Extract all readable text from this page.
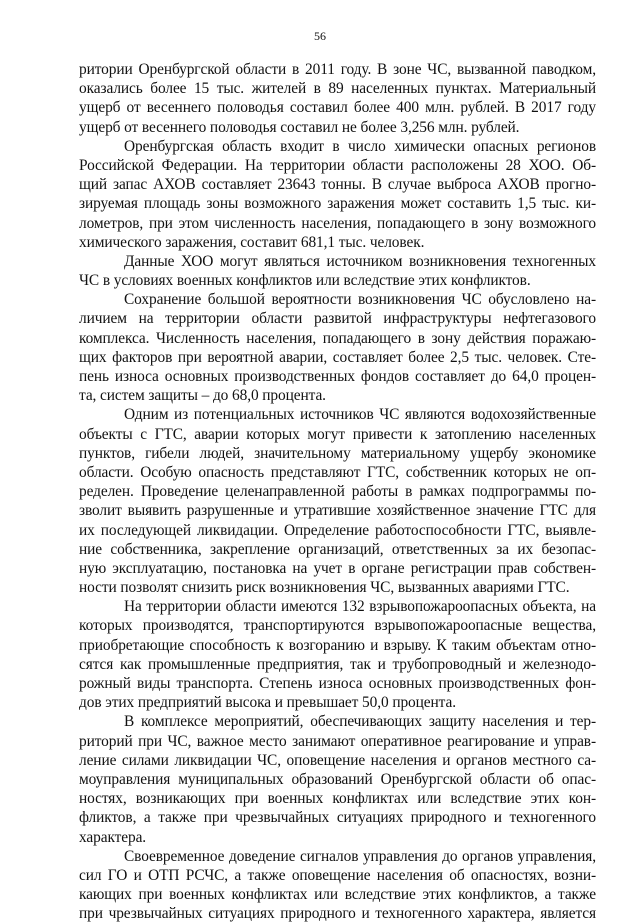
56
ритории Оренбургской области в 2011 году. В зоне ЧС, вызванной паводком,
оказались более 15 тыс. жителей в 89 населенных пунктах. Материальный
ущерб от весеннего половодья составил более 400 млн. рублей. В 2017 году
ущерб от весеннего половодья составил не более 3,256 млн. рублей.
Оренбургская область входит в число химически опасных регионов
Российской Федерации. На территории области расположены 28 ХОО. Об-
щий запас АХОВ составляет 23643 тонны. В случае выброса АХОВ прогно-
зируемая площадь зоны возможного заражения может составить 1,5 тыс. ки-
лометров, при этом численность населения, попадающего в зону возможного
химического заражения, составит 681,1 тыс. человек.
Данные ХОО могут являться источником возникновения техногенных
ЧС в условиях военных конфликтов или вследствие этих конфликтов.
Сохранение большой вероятности возникновения ЧС обусловлено на-
личием на территории области развитой инфраструктуры нефтегазового
комплекса. Численность населения, попадающего в зону действия поражаю-
щих факторов при вероятной аварии, составляет более 2,5 тыс. человек. Сте-
пень износа основных производственных фондов составляет до 64,0 процен-
та, систем защиты – до 68,0 процента.
Одним из потенциальных источников ЧС являются водохозяйственные
объекты с ГТС, аварии которых могут привести к затоплению населенных
пунктов, гибели людей, значительному материальному ущербу экономике
области. Особую опасность представляют ГТС, собственник которых не оп-
ределен. Проведение целенаправленной работы в рамках подпрограммы по-
зволит выявить разрушенные и утратившие хозяйственное значение ГТС для
их последующей ликвидации. Определение работоспособности ГТС, выявле-
ние собственника, закрепление организаций, ответственных за их безопас-
ную эксплуатацию, постановка на учет в органе регистрации прав собствен-
ности позволят снизить риск возникновения ЧС, вызванных авариями ГТС.
На территории области имеются 132 взрывопожароопасных объекта, на
которых производятся, транспортируются взрывопожароопасные вещества,
приобретающие способность к возгоранию и взрыву. К таким объектам отно-
сятся как промышленные предприятия, так и трубопроводный и железнодо-
рожный виды транспорта. Степень износа основных производственных фон-
дов этих предприятий высока и превышает 50,0 процента.
В комплексе мероприятий, обеспечивающих защиту населения и тер-
риторий при ЧС, важное место занимают оперативное реагирование и управ-
ление силами ликвидации ЧС, оповещение населения и органов местного са-
моуправления муниципальных образований Оренбургской области об опас-
ностях, возникающих при военных конфликтах или вследствие этих кон-
фликтов, а также при чрезвычайных ситуациях природного и техногенного
характера.
Своевременное доведение сигналов управления до органов управления,
сил ГО и ОТП РСЧС, а также оповещение населения об опасностях, возни-
кающих при военных конфликтах или вследствие этих конфликтов, а также
при чрезвычайных ситуациях природного и техногенного характера, является
